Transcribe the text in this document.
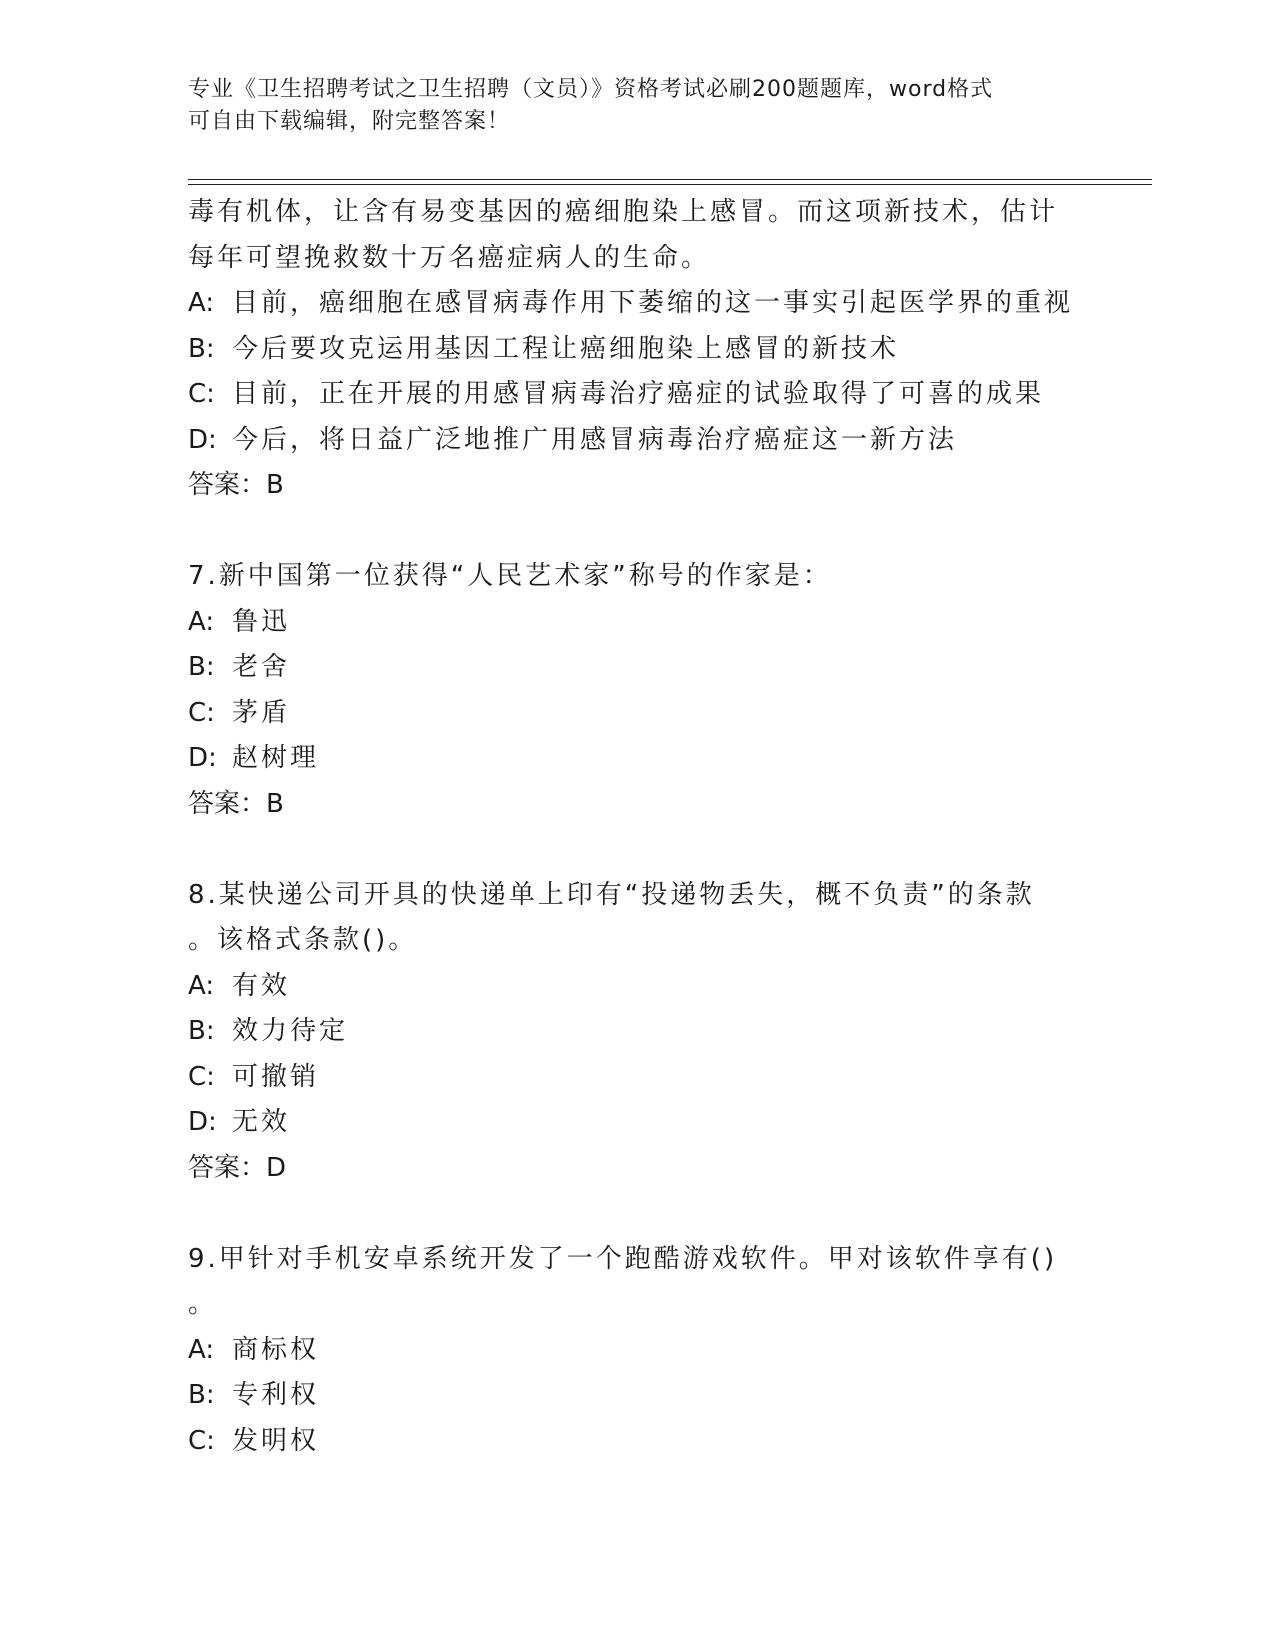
专业《卫生招聘考试之卫生招聘（文员）》资格考试必刷200题题库，word格式
可自由下载编辑，附完整答案！
毒有机体，让含有易变基因的癌细胞染上感冒。而这项新技术，估计
每年可望挽救数十万名癌症病人的生命。
A: 目前，癌细胞在感冒病毒作用下萎缩的这一事实引起医学界的重视
B: 今后要攻克运用基因工程让癌细胞染上感冒的新技术
C: 目前，正在开展的用感冒病毒治疗癌症的试验取得了可喜的成果
D: 今后，将日益广泛地推广用感冒病毒治疗癌症这一新方法
答案：B
7.新中国第一位获得“人民艺术家”称号的作家是：
A: 鲁迅
B: 老舍
C: 茅盾
D: 赵树理
答案：B
8.某快递公司开具的快递单上印有“投递物丢失，概不负责”的条款
。该格式条款()。
A: 有效
B: 效力待定
C: 可撤销
D: 无效
答案：D
9.甲针对手机安卓系统开发了一个跑酷游戏软件。甲对该软件享有()
。
A: 商标权
B: 专利权
C: 发明权
